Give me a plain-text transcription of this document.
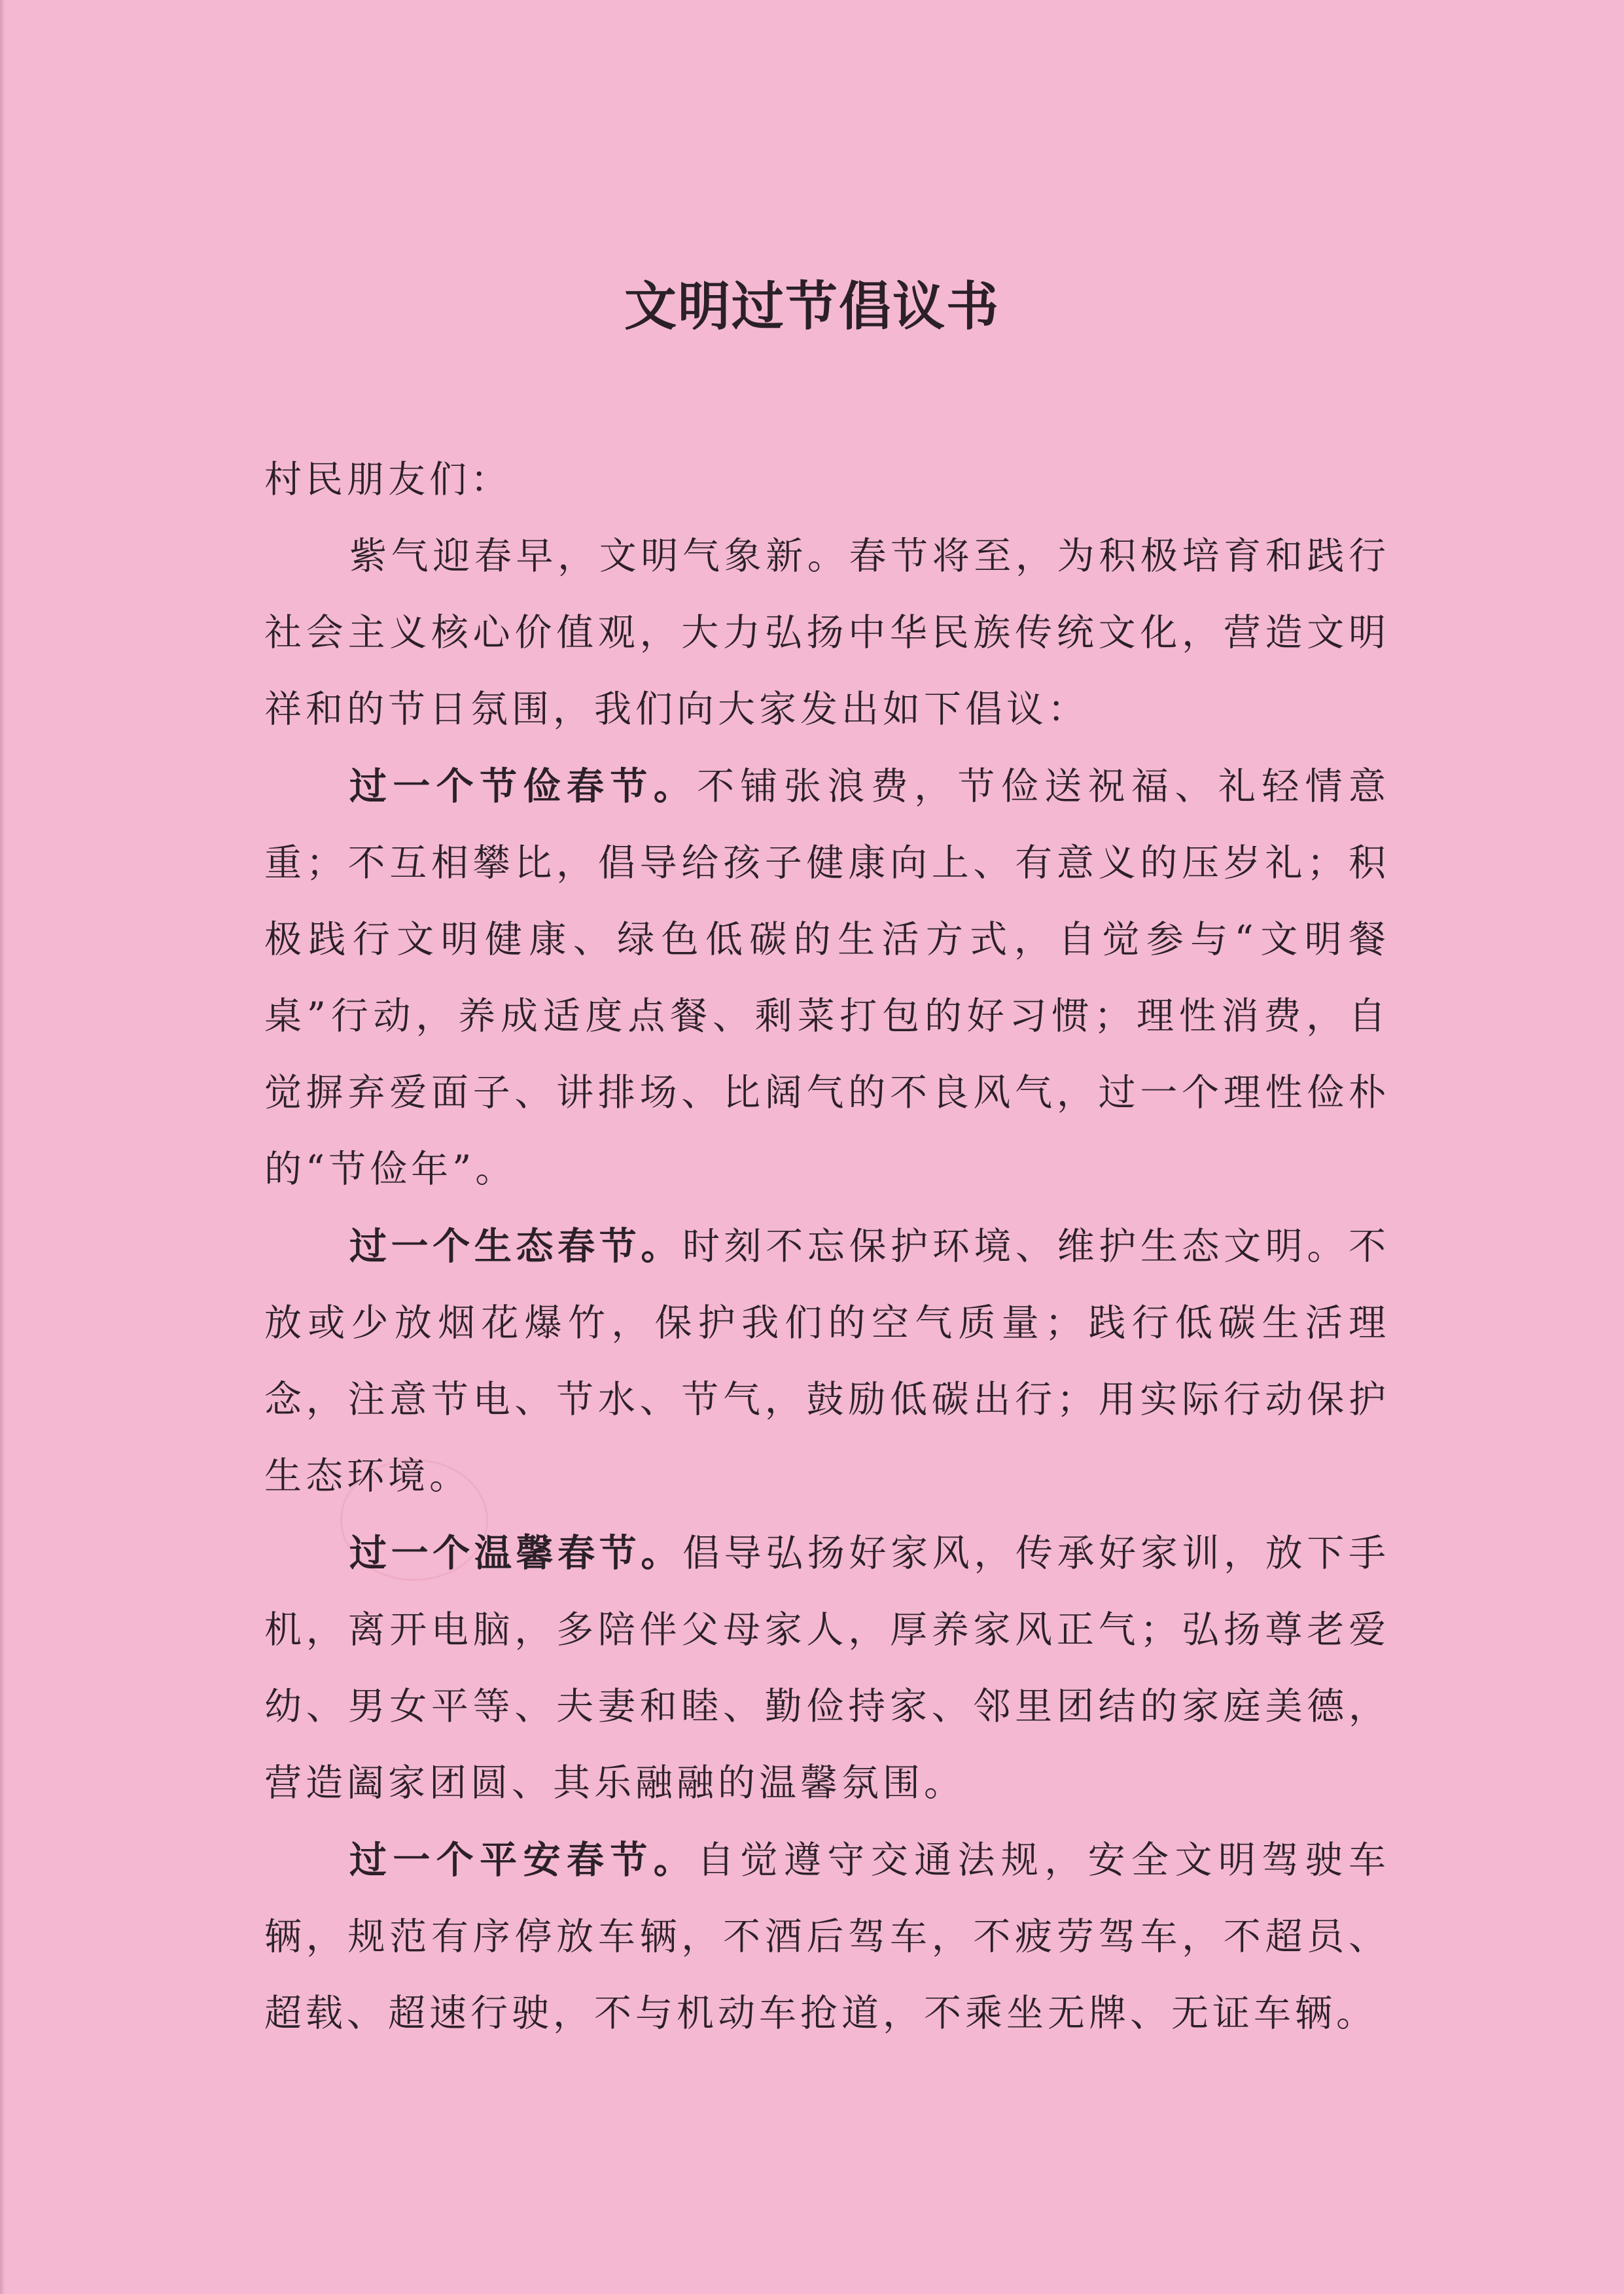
文明过节倡议书

村民朋友们：

紫气迎春早，文明气象新。春节将至，为积极培育和践行社会主义核心价值观，大力弘扬中华民族传统文化，营造文明祥和的节日氛围，我们向大家发出如下倡议：

过一个节俭春节。不铺张浪费，节俭送祝福、礼轻情意重；不互相攀比，倡导给孩子健康向上、有意义的压岁礼；积极践行文明健康、绿色低碳的生活方式，自觉参与“文明餐桌”行动，养成适度点餐、剩菜打包的好习惯；理性消费，自觉摒弃爱面子、讲排场、比阔气的不良风气，过一个理性俭朴的“节俭年”。

过一个生态春节。时刻不忘保护环境、维护生态文明。不放或少放烟花爆竹，保护我们的空气质量；践行低碳生活理念，注意节电、节水、节气，鼓励低碳出行；用实际行动保护生态环境。

过一个温馨春节。倡导弘扬好家风，传承好家训，放下手机，离开电脑，多陪伴父母家人，厚养家风正气；弘扬尊老爱幼、男女平等、夫妻和睦、勤俭持家、邻里团结的家庭美德，营造阖家团圆、其乐融融的温馨氛围。

过一个平安春节。自觉遵守交通法规，安全文明驾驶车辆，规范有序停放车辆，不酒后驾车，不疲劳驾车，不超员、超载、超速行驶，不与机动车抢道，不乘坐无牌、无证车辆。
